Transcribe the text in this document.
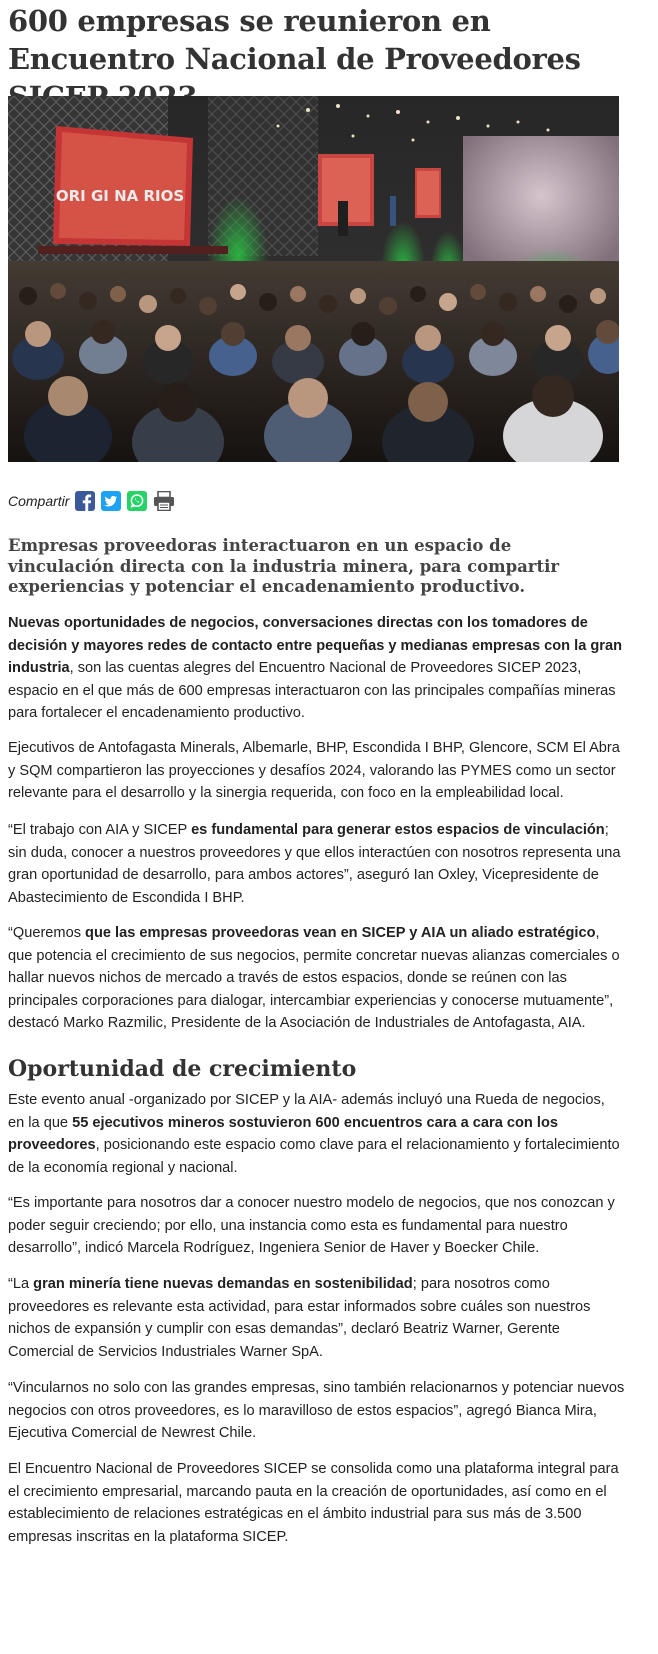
600 empresas se reunieron en Encuentro Nacional de Proveedores
ORI GI NA RIOS
Compartir

Empresas proveedoras interactuaron en un espacio de vinculación directa con la industria minera, para compartir experiencias y potenciar el encadenamiento productivo.

Nuevas oportunidades de negocios, conversaciones directas con los tomadores de decisión y mayores redes de contacto entre pequeñas y medianas empresas con la gran industria, son las cuentas alegres del Encuentro Nacional de Proveedores SICEP 2023, espacio en el que más de 600 empresas interactuaron con las principales compañías mineras para fortalecer el encadenamiento productivo.

Ejecutivos de Antofagasta Minerals, Albemarle, BHP, Escondida I BHP, Glencore, SCM El Abra y SQM compartieron las proyecciones y desafíos 2024, valorando las PYMES como un sector relevante para el desarrollo y la sinergia requerida, con foco en la empleabilidad local.

“El trabajo con AIA y SICEP es fundamental para generar estos espacios de vinculación; sin duda, conocer a nuestros proveedores y que ellos interactúen con nosotros representa una gran oportunidad de desarrollo, para ambos actores”, aseguró Ian Oxley, Vicepresidente de Abastecimiento de Escondida I BHP.

“Queremos que las empresas proveedoras vean en SICEP y AIA un aliado estratégico, que potencia el crecimiento de sus negocios, permite concretar nuevas alianzas comerciales o hallar nuevos nichos de mercado a través de estos espacios, donde se reúnen con las principales corporaciones para dialogar, intercambiar experiencias y conocerse mutuamente”, destacó Marko Razmilic, Presidente de la Asociación de Industriales de Antofagasta, AIA.

Oportunidad de crecimiento

Este evento anual -organizado por SICEP y la AIA- además incluyó una Rueda de negocios, en la que 55 ejecutivos mineros sostuvieron 600 encuentros cara a cara con los proveedores, posicionando este espacio como clave para el relacionamiento y fortalecimiento de la economía regional y nacional.

“Es importante para nosotros dar a conocer nuestro modelo de negocios, que nos conozcan y poder seguir creciendo; por ello, una instancia como esta es fundamental para nuestro desarrollo”, indicó Marcela Rodríguez, Ingeniera Senior de Haver y Boecker Chile.

“La gran minería tiene nuevas demandas en sostenibilidad; para nosotros como proveedores es relevante esta actividad, para estar informados sobre cuáles son nuestros nichos de expansión y cumplir con esas demandas”, declaró Beatriz Warner, Gerente Comercial de Servicios Industriales Warner SpA.

“Vincularnos no solo con las grandes empresas, sino también relacionarnos y potenciar nuevos negocios con otros proveedores, es lo maravilloso de estos espacios”, agregó Bianca Mira, Ejecutiva Comercial de Newrest Chile.

El Encuentro Nacional de Proveedores SICEP se consolida como una plataforma integral para el crecimiento empresarial, marcando pauta en la creación de oportunidades, así como en el establecimiento de relaciones estratégicas en el ámbito industrial para sus más de 3.500 empresas inscritas en la plataforma SICEP.
